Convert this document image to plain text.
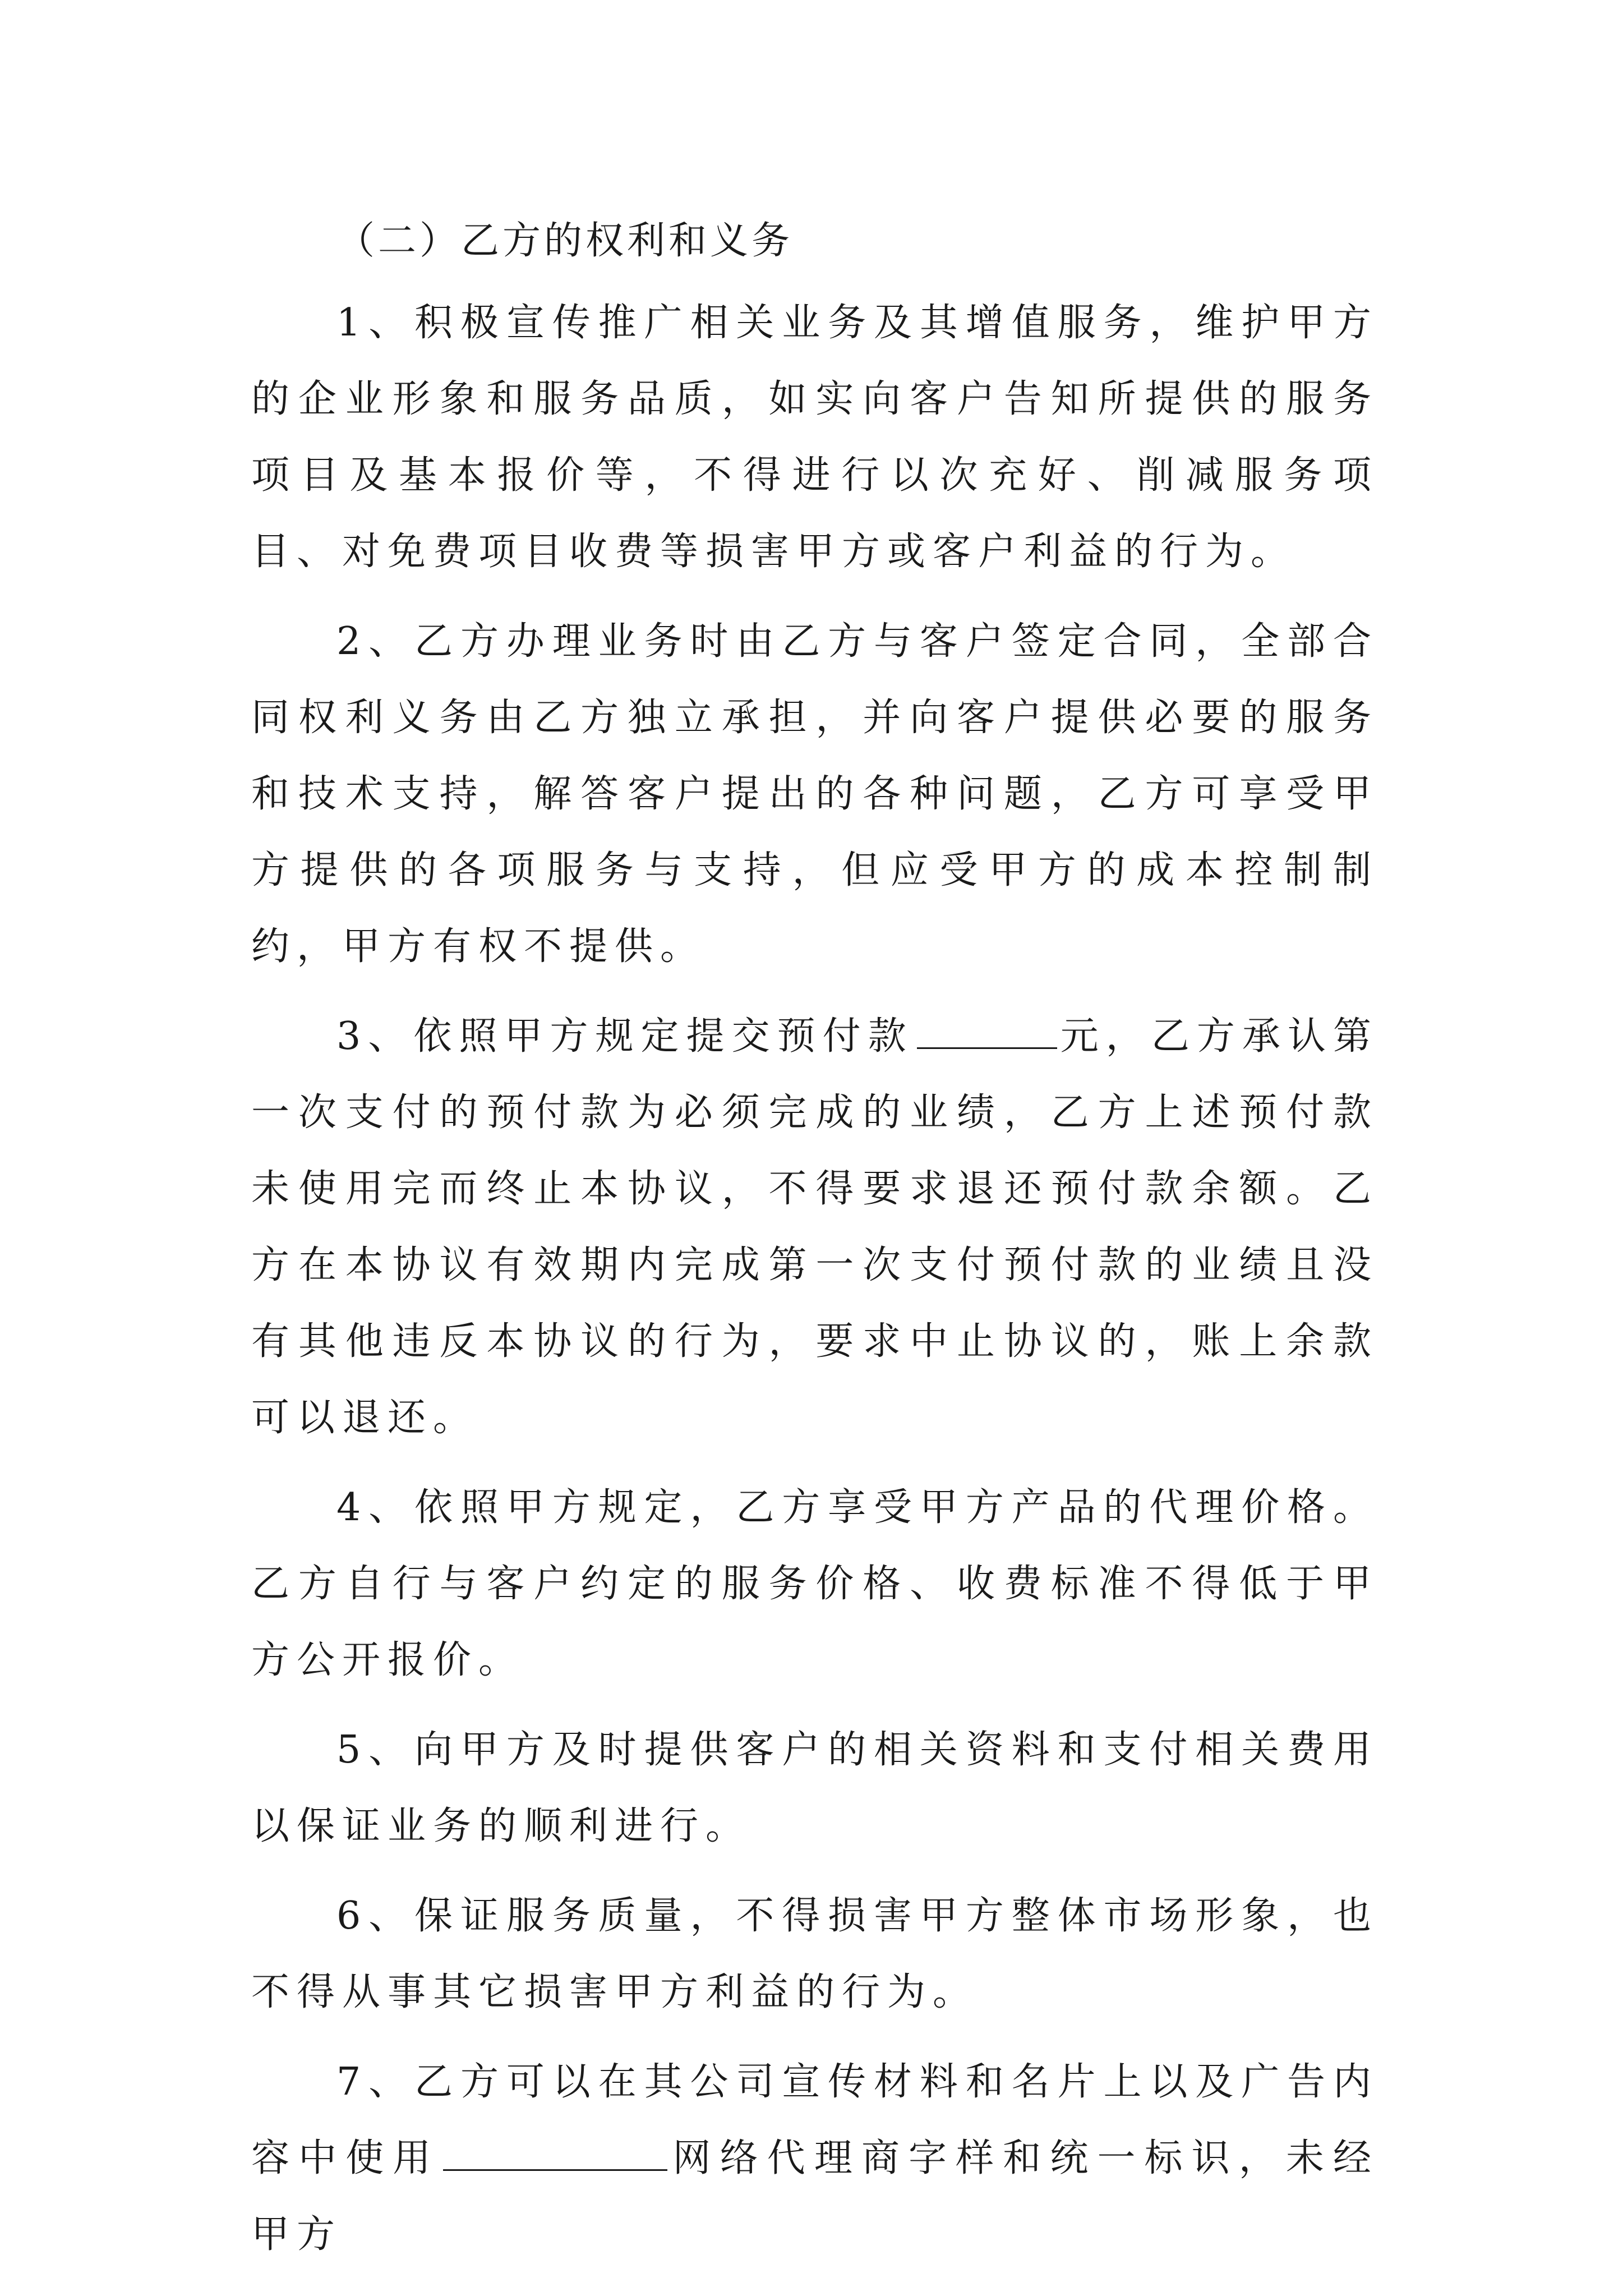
（二）乙方的权利和义务

1、积极宣传推广相关业务及其增值服务，维护甲方的企业形象和服务品质，如实向客户告知所提供的服务项目及基本报价等，不得进行以次充好、削减服务项目、对免费项目收费等损害甲方或客户利益的行为。

2、乙方办理业务时由乙方与客户签定合同，全部合同权利义务由乙方独立承担，并向客户提供必要的服务和技术支持，解答客户提出的各种问题，乙方可享受甲方提供的各项服务与支持，但应受甲方的成本控制制约，甲方有权不提供。

3、依照甲方规定提交预付款	元，乙方承认第一次支付的预付款为必须完成的业绩，乙方上述预付款未使用完而终止本协议，不得要求退还预付款余额。乙方在本协议有效期内完成第一次支付预付款的业绩且没有其他违反本协议的行为，要求中止协议的，账上余款可以退还。

4、依照甲方规定，乙方享受甲方产品的代理价格。乙方自行与客户约定的服务价格、收费标准不得低于甲方公开报价。

5、向甲方及时提供客户的相关资料和支付相关费用以保证业务的顺利进行。

6、保证服务质量，不得损害甲方整体市场形象，也不得从事其它损害甲方利益的行为。

7、乙方可以在其公司宣传材料和名片上以及广告内容中使用	网络代理商字样和统一标识，未经甲方
